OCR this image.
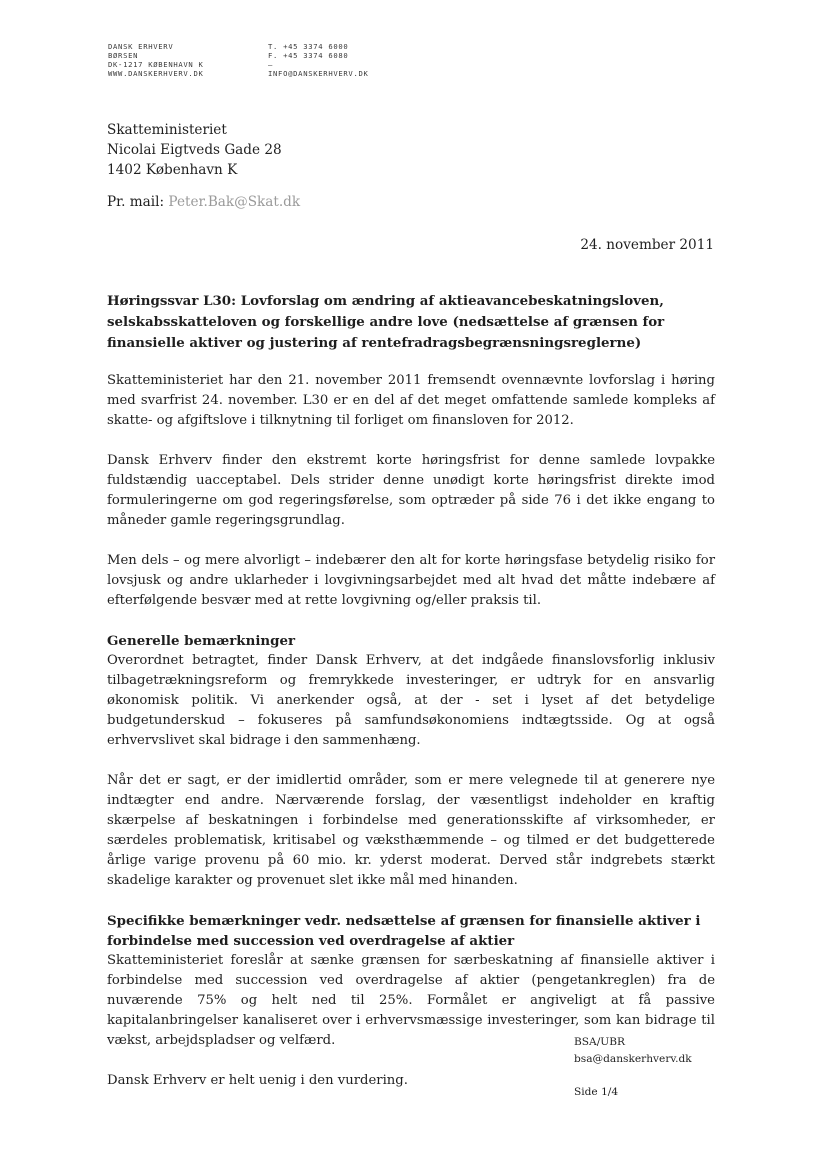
DANSK ERHVERV
BØRSEN
DK-1217 KØBENHAVN K
WWW.DANSKERHVERV.DK
T. +45 3374 6000
F. +45 3374 6080
–
INFO@DANSKERHVERV.DK
Skatteministeriet
Nicolai Eigtveds Gade 28
1402 København K
Pr. mail: Peter.Bak@Skat.dk
24. november 2011

Høringssvar L30: Lovforslag om ændring af aktieavancebeskatningsloven, selskabsskatteloven og forskellige andre love (nedsættelse af grænsen for finansielle aktiver og justering af rentefradragsbegrænsningsreglerne)

Skatteministeriet har den 21. november 2011 fremsendt ovennævnte lovforslag i høring med svarfrist 24. november. L30 er en del af det meget omfattende samlede kompleks af skatte- og afgiftslove i tilknytning til forliget om finansloven for 2012.

Dansk Erhverv finder den ekstremt korte høringsfrist for denne samlede lovpakke fuldstændig uacceptabel. Dels strider denne unødigt korte høringsfrist direkte imod formuleringerne om god regeringsførelse, som optræder på side 76 i det ikke engang to måneder gamle regeringsgrundlag.

Men dels – og mere alvorligt – indebærer den alt for korte høringsfase betydelig risiko for lovsjusk og andre uklarheder i lovgivningsarbejdet med alt hvad det måtte indebære af efterfølgende besvær med at rette lovgivning og/eller praksis til.

Generelle bemærkninger

Overordnet betragtet, finder Dansk Erhverv, at det indgåede finanslovsforlig inklusiv tilbagetrækningsreform og fremrykkede investeringer, er udtryk for en ansvarlig økonomisk politik. Vi anerkender også, at der - set i lyset af det betydelige budgetunderskud – fokuseres på samfundsøkonomiens indtægtsside. Og at også erhvervslivet skal bidrage i den sammenhæng.

Når det er sagt, er der imidlertid områder, som er mere velegnede til at generere nye indtægter end andre. Nærværende forslag, der væsentligst indeholder en kraftig skærpelse af beskatningen i forbindelse med generationsskifte af virksomheder, er særdeles problematisk, kritisabel og væksthæmmende – og tilmed er det budgetterede årlige varige provenu på 60 mio. kr. yderst moderat. Derved står indgrebets stærkt skadelige karakter og provenuet slet ikke mål med hinanden.

Specifikke bemærkninger vedr. nedsættelse af grænsen for finansielle aktiver i forbindelse med succession ved overdragelse af aktier

Skatteministeriet foreslår at sænke grænsen for særbeskatning af finansielle aktiver i forbindelse med succession ved overdragelse af aktier (pengetankreglen) fra de nuværende 75% og helt ned til 25%. Formålet er angiveligt at få passive kapitalanbringelser kanaliseret over i erhvervsmæssige investeringer, som kan bidrage til vækst, arbejdspladser og velfærd.

Dansk Erhverv er helt uenig i den vurdering.

BSA/UBR
bsa@danskerhverv.dk
Side 1/4
